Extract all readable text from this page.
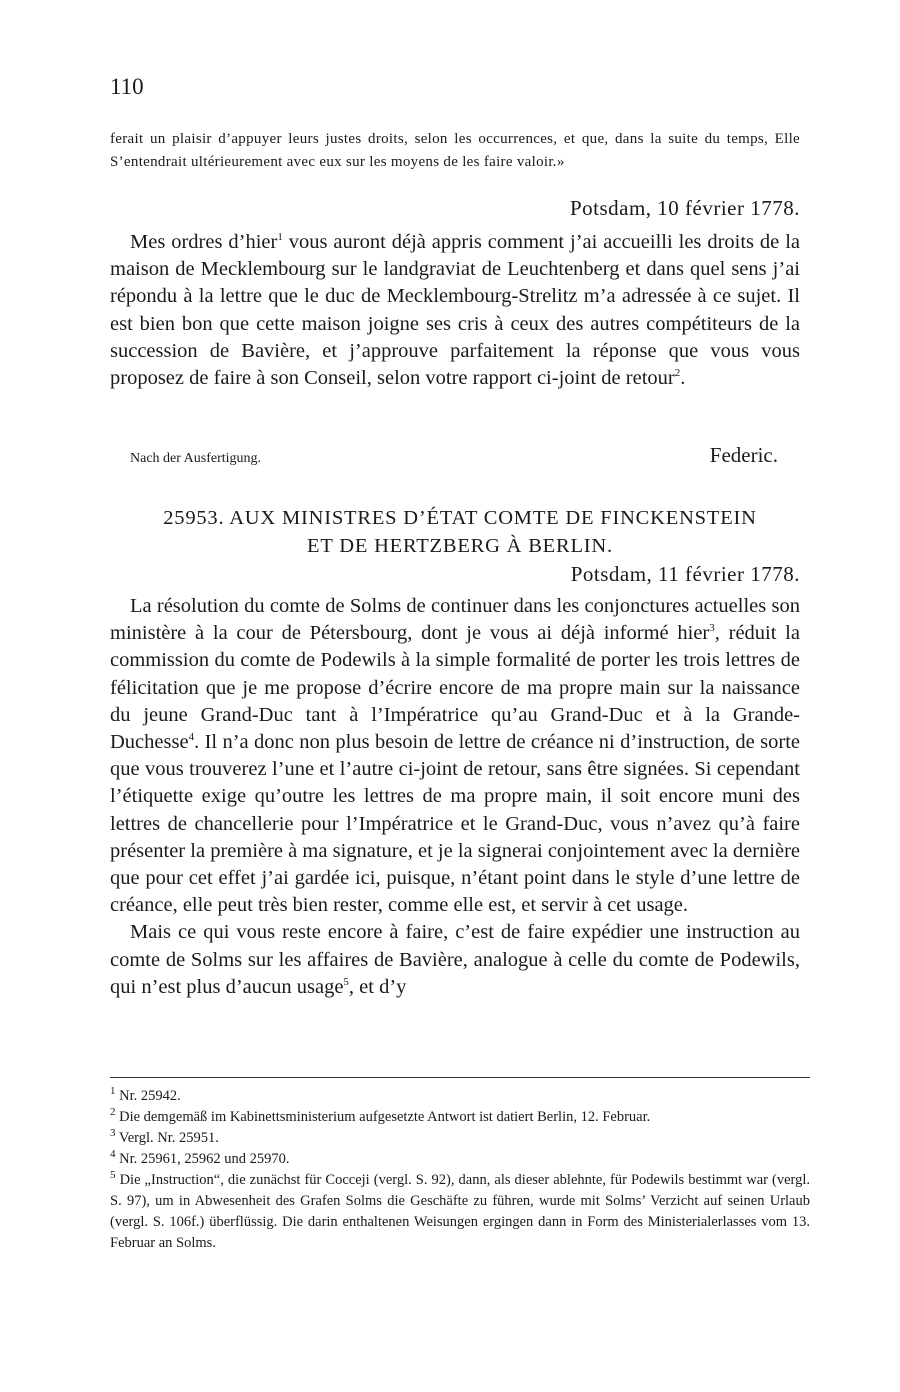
110
ferait un plaisir d’appuyer leurs justes droits, selon les occurrences, et que, dans la suite du temps, Elle S’entendrait ultérieurement avec eux sur les moyens de les faire valoir.»
Potsdam, 10 février 1778.

Mes ordres d’hier$^1$ vous auront déjà appris comment j’ai accueilli les droits de la maison de Mecklembourg sur le landgraviat de Leuchtenberg et dans quel sens j’ai répondu à la lettre que le duc de Mecklembourg-Strelitz m’a adressée à ce sujet. Il est bien bon que cette maison joigne ses cris à ceux des autres compétiteurs de la succession de Bavière, et j’approuve parfaitement la réponse que vous vous proposez de faire à son Conseil, selon votre rapport ci-joint de retour$^2$.

Nach der Ausfertigung.	Federic.
25953. AUX MINISTRES D’ÉTAT COMTE DE FINCKENSTEIN
ET DE HERTZBERG À BERLIN.
Potsdam, 11 février 1778.

La résolution du comte de Solms de continuer dans les conjonctures actuelles son ministère à la cour de Pétersbourg, dont je vous ai déjà informé hier$^3$, réduit la commission du comte de Podewils à la simple formalité de porter les trois lettres de félicitation que je me propose d’écrire encore de ma propre main sur la naissance du jeune Grand-Duc tant à l’Impératrice qu’au Grand-Duc et à la Grande-Duchesse$^4$. Il n’a donc non plus besoin de lettre de créance ni d’instruction, de sorte que vous trouverez l’une et l’autre ci-joint de retour, sans être signées. Si cependant l’étiquette exige qu’outre les lettres de ma propre main, il soit encore muni des lettres de chancellerie pour l’Impératrice et le Grand-Duc, vous n’avez qu’à faire présenter la première à ma signature, et je la signerai conjointement avec la dernière que pour cet effet j’ai gardée ici, puisque, n’étant point dans le style d’une lettre de créance, elle peut très bien rester, comme elle est, et servir à cet usage.

Mais ce qui vous reste encore à faire, c’est de faire expédier une instruction au comte de Solms sur les affaires de Bavière, analogue à celle du comte de Podewils, qui n’est plus d’aucun usage$^5$, et d’y

$^1$ Nr. 25942.
$^2$ Die demgemäß im Kabinettsministerium aufgesetzte Antwort ist datiert Berlin, 12. Februar.
$^3$ Vergl. Nr. 25951.
$^4$ Nr. 25961, 25962 und 25970.
$^5$ Die „Instruction“, die zunächst für Cocceji (vergl. S. 92), dann, als dieser ablehnte, für Podewils bestimmt war (vergl. S. 97), um in Abwesenheit des Grafen Solms die Geschäfte zu führen, wurde mit Solms’ Verzicht auf seinen Urlaub (vergl. S. 106f.) überflüssig. Die darin enthaltenen Weisungen ergingen dann in Form des Ministerialerlasses vom 13. Februar an Solms.
